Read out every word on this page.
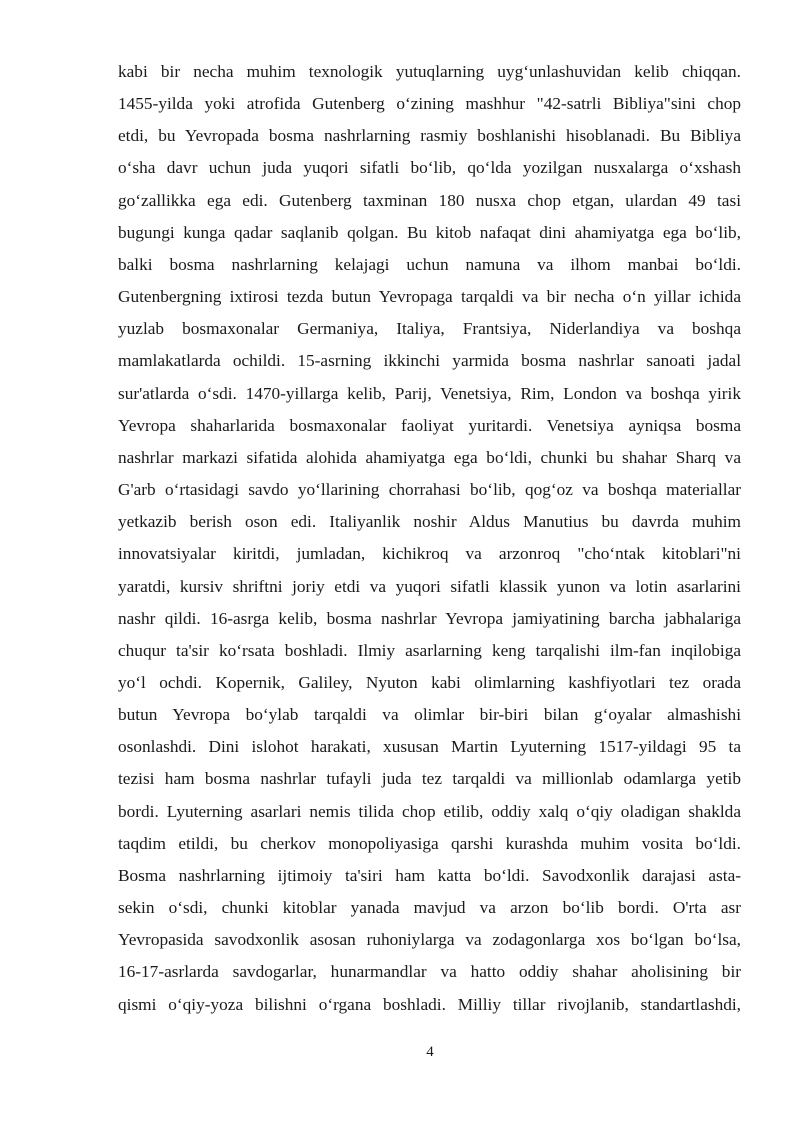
kabi bir necha muhim texnologik yutuqlarning uyg‘unlashuvidan kelib chiqqan.
1455-yilda yoki atrofida Gutenberg o‘zining mashhur "42-satrli Bibliya"sini chop
etdi, bu Yevropada bosma nashrlarning rasmiy boshlanishi hisoblanadi. Bu Bibliya
o‘sha davr uchun juda yuqori sifatli bo‘lib, qo‘lda yozilgan nusxalarga o‘xshash
go‘zallikka ega edi. Gutenberg taxminan 180 nusxa chop etgan, ulardan 49 tasi
bugungi kunga qadar saqlanib qolgan. Bu kitob nafaqat dini ahamiyatga ega bo‘lib,
balki bosma nashrlarning kelajagi uchun namuna va ilhom manbai bo‘ldi.
Gutenbergning ixtirosi tezda butun Yevropaga tarqaldi va bir necha o‘n yillar ichida
yuzlab bosmaxonalar Germaniya, Italiya, Frantsiya, Niderlandiya va boshqa
mamlakatlarda ochildi. 15-asrning ikkinchi yarmida bosma nashrlar sanoati jadal
sur'atlarda o‘sdi. 1470-yillarga kelib, Parij, Venetsiya, Rim, London va boshqa yirik
Yevropa shaharlarida bosmaxonalar faoliyat yuritardi. Venetsiya ayniqsa bosma
nashrlar markazi sifatida alohida ahamiyatga ega bo‘ldi, chunki bu shahar Sharq va
G'arb o‘rtasidagi savdo yo‘llarining chorrahasi bo‘lib, qog‘oz va boshqa materiallar
yetkazib berish oson edi. Italiyanlik noshir Aldus Manutius bu davrda muhim
innovatsiyalar kiritdi, jumladan, kichikroq va arzonroq "cho‘ntak kitoblari"ni
yaratdi, kursiv shriftni joriy etdi va yuqori sifatli klassik yunon va lotin asarlarini
nashr qildi. 16-asrga kelib, bosma nashrlar Yevropa jamiyatining barcha jabhalariga
chuqur ta'sir ko‘rsata boshladi. Ilmiy asarlarning keng tarqalishi ilm-fan inqilobiga
yo‘l ochdi. Kopernik, Galiley, Nyuton kabi olimlarning kashfiyotlari tez orada
butun Yevropa bo‘ylab tarqaldi va olimlar bir-biri bilan g‘oyalar almashishi
osonlashdi. Dini islohot harakati, xususan Martin Lyuterning 1517-yildagi 95 ta
tezisi ham bosma nashrlar tufayli juda tez tarqaldi va millionlab odamlarga yetib
bordi. Lyuterning asarlari nemis tilida chop etilib, oddiy xalq o‘qiy oladigan shaklda
taqdim etildi, bu cherkov monopoliyasiga qarshi kurashda muhim vosita bo‘ldi.
Bosma nashrlarning ijtimoiy ta'siri ham katta bo‘ldi. Savodxonlik darajasi asta-
sekin o‘sdi, chunki kitoblar yanada mavjud va arzon bo‘lib bordi. O'rta asr
Yevropasida savodxonlik asosan ruhoniylarga va zodagonlarga xos bo‘lgan bo‘lsa,
16-17-asrlarda savdogarlar, hunarmandlar va hatto oddiy shahar aholisining bir
qismi o‘qiy-yoza bilishni o‘rgana boshladi. Milliy tillar rivojlanib, standartlashdi,
4
